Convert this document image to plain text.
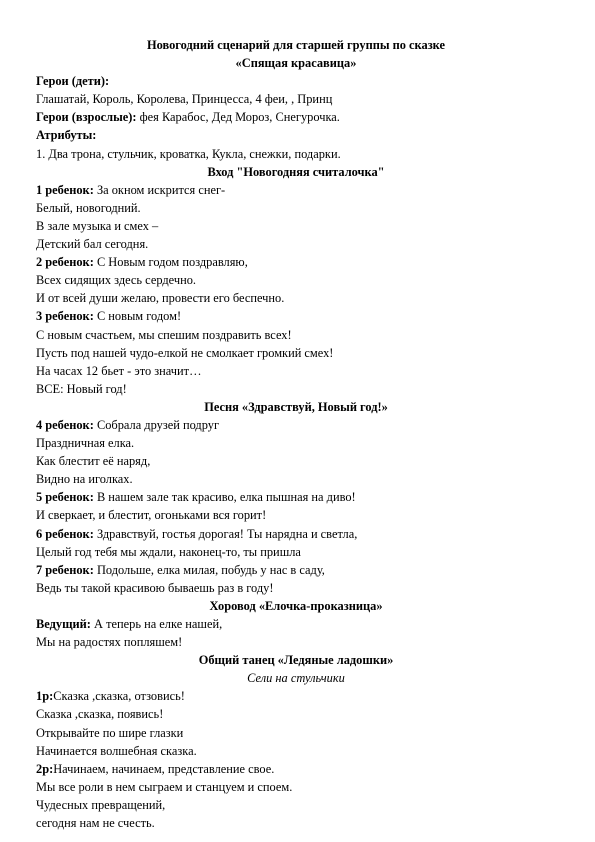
Новогодний сценарий для старшей группы по сказке
«Спящая красавица»
Герои (дети):
Глашатай, Король, Королева, Принцесса, 4 феи, , Принц
Герои (взрослые): фея Карабос, Дед Мороз, Снегурочка.
Атрибуты:
1. Два трона, стульчик, кроватка, Кукла, снежки, подарки.
Вход "Новогодняя считалочка"
1 ребенок: За окном искрится снег-
Белый, новогодний.
В зале музыка и смех –
Детский бал сегодня.
2 ребенок: С Новым годом поздравляю,
Всех сидящих здесь сердечно.
И от всей души желаю, провести его беспечно.
3 ребенок: С новым годом!
С новым счастьем, мы спешим поздравить всех!
Пусть под нашей чудо-елкой не смолкает громкий смех!
На часах 12 бьет - это значит…
ВСЕ: Новый год!
Песня «Здравствуй, Новый год!»
4 ребенок: Собрала друзей подруг
Праздничная елка.
Как блестит её наряд,
Видно на иголках.
5 ребенок: В нашем зале так красиво, елка пышная на диво!
И сверкает, и блестит, огоньками вся горит!
6 ребенок: Здравствуй, гостья дорогая! Ты нарядна и светла,
Целый год тебя мы ждали, наконец-то, ты пришла
7 ребенок: Подольше, елка милая, побудь у нас в саду,
Ведь ты такой красивою бываешь раз в году!
Хоровод «Елочка-проказница»
Ведущий: А теперь на елке нашей,
Мы на радостях попляшем!
Общий танец «Ледяные ладошки»
Сели на стульчики
1р:Сказка ,сказка, отзовись!
Сказка ,сказка, появись!
Открывайте по шире глазки
Начинается волшебная сказка.
2р:Начинаем, начинаем, представление свое.
Мы все роли в нем сыграем и станцуем и споем.
Чудесных превращений,
сегодня нам не счесть.
